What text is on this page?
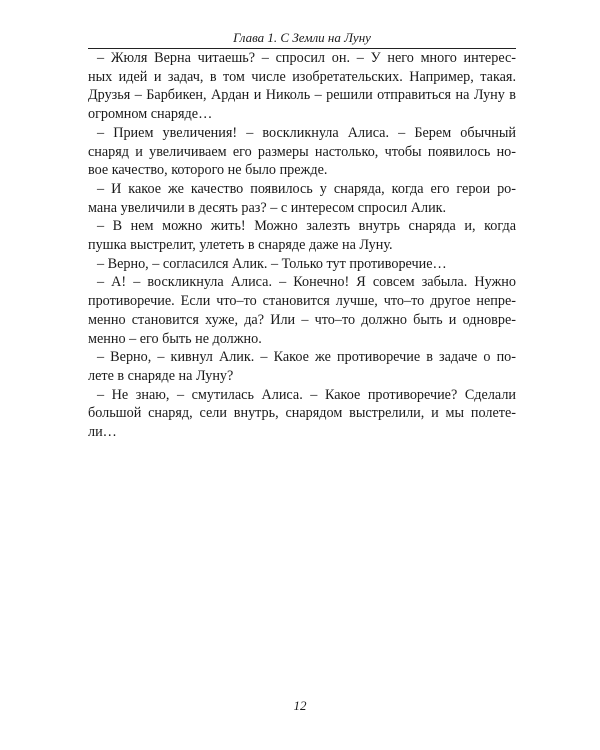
Глава 1. С Земли на Луну
– Жюля Верна читаешь? – спросил он. – У него много интерес-
ных идей и задач, в том числе изобретательских. Например, такая.
Друзья – Барбикен, Ардан и Николь – решили отправиться на Луну в
огромном снаряде…
– Прием увеличения! – воскликнула Алиса. – Берем обычный
снаряд и увеличиваем его размеры настолько, чтобы появилось но-
вое качество, которого не было прежде.
– И какое же качество появилось у снаряда, когда его герои ро-
мана увеличили в десять раз? – с интересом спросил Алик.
– В нем можно жить! Можно залезть внутрь снаряда и, когда
пушка выстрелит, улететь в снаряде даже на Луну.
– Верно, – согласился Алик. – Только тут противоречие…
– А! – воскликнула Алиса. – Конечно! Я совсем забыла. Нужно
противоречие. Если что–то становится лучше, что–то другое непре-
менно становится хуже, да? Или – что–то должно быть и одновре-
менно – его быть не должно.
– Верно, – кивнул Алик. – Какое же противоречие в задаче о по-
лете в снаряде на Луну?
– Не знаю, – смутилась Алиса. – Какое противоречие? Сделали
большой снаряд, сели внутрь, снарядом выстрелили, и мы полете-
ли…
12
